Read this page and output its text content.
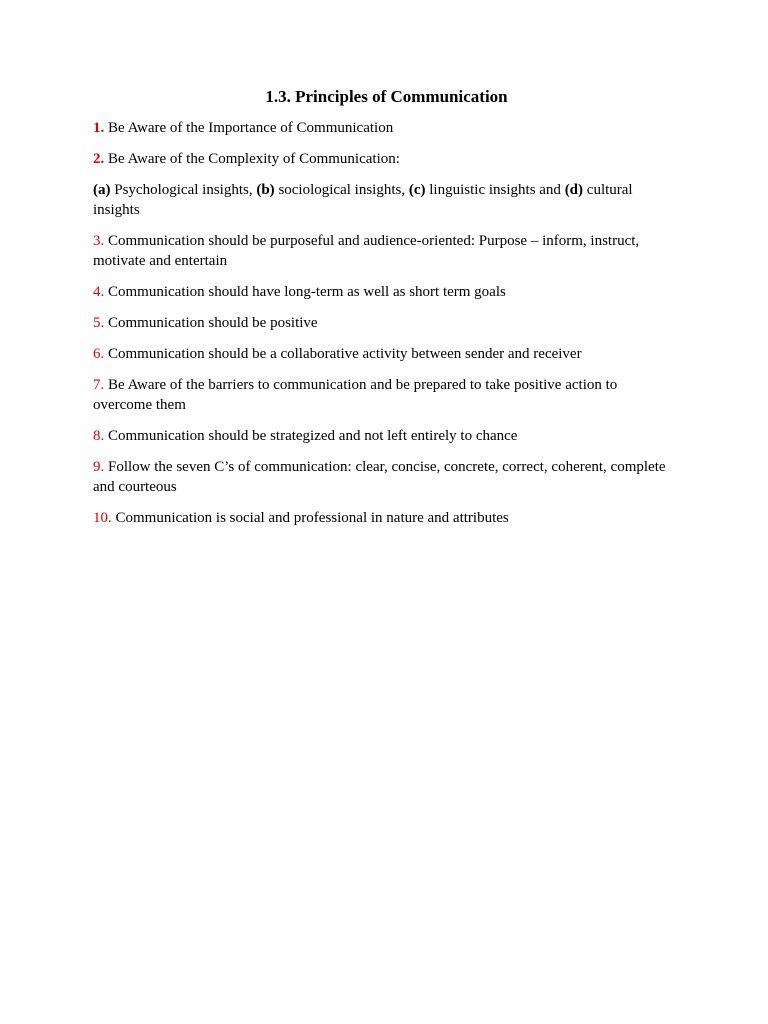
1.3. Principles of Communication

1. Be Aware of the Importance of Communication

2. Be Aware of the Complexity of Communication:

(a) Psychological insights, (b) sociological insights, (c) linguistic insights and (d) cultural insights

3. Communication should be purposeful and audience-oriented: Purpose – inform, instruct, motivate and entertain

4. Communication should have long-term as well as short term goals

5. Communication should be positive

6. Communication should be a collaborative activity between sender and receiver

7. Be Aware of the barriers to communication and be prepared to take positive action to overcome them

8. Communication should be strategized and not left entirely to chance

9. Follow the seven C’s of communication: clear, concise, concrete, correct, coherent, complete and courteous

10. Communication is social and professional in nature and attributes
